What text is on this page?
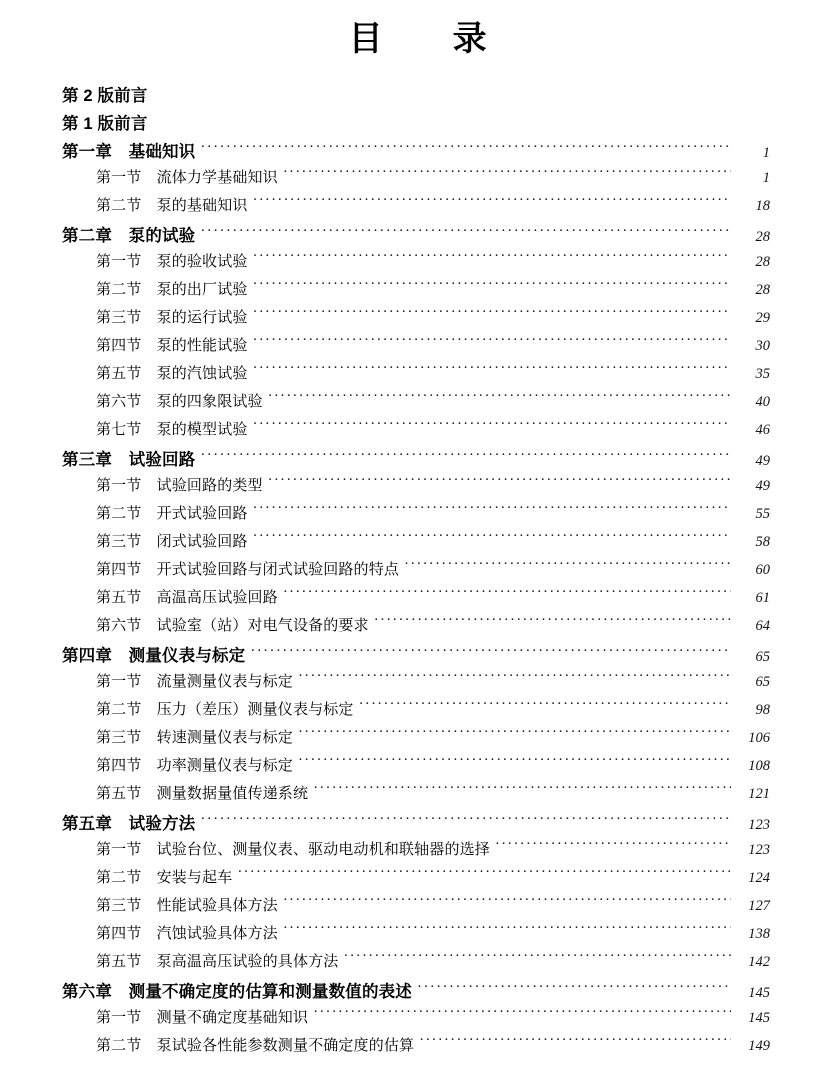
目　　录
第 2 版前言
第 1 版前言
第一章　基础知识 ·····	1
第一节　流体力学基础知识 ·····	1
第二节　泵的基础知识 ·····	18
第二章　泵的试验 ·····	28
第一节　泵的验收试验 ·····	28
第二节　泵的出厂试验 ·····	28
第三节　泵的运行试验 ·····	29
第四节　泵的性能试验 ·····	30
第五节　泵的汽蚀试验 ·····	35
第六节　泵的四象限试验 ·····	40
第七节　泵的模型试验 ·····	46
第三章　试验回路 ·····	49
第一节　试验回路的类型 ·····	49
第二节　开式试验回路 ·····	55
第三节　闭式试验回路 ·····	58
第四节　开式试验回路与闭式试验回路的特点 ·····	60
第五节　高温高压试验回路 ·····	61
第六节　试验室（站）对电气设备的要求 ·····	64
第四章　测量仪表与标定 ·····	65
第一节　流量测量仪表与标定 ·····	65
第二节　压力（差压）测量仪表与标定 ·····	98
第三节　转速测量仪表与标定 ·····	106
第四节　功率测量仪表与标定 ·····	108
第五节　测量数据量值传递系统 ·····	121
第五章　试验方法 ·····	123
第一节　试验台位、测量仪表、驱动电动机和联轴器的选择 ·····	123
第二节　安装与起车 ·····	124
第三节　性能试验具体方法 ·····	127
第四节　汽蚀试验具体方法 ·····	138
第五节　泵高温高压试验的具体方法 ·····	142
第六章　测量不确定度的估算和测量数值的表述 ·····	145
第一节　测量不确定度基础知识 ·····	145
第二节　泵试验各性能参数测量不确定度的估算 ·····	149
